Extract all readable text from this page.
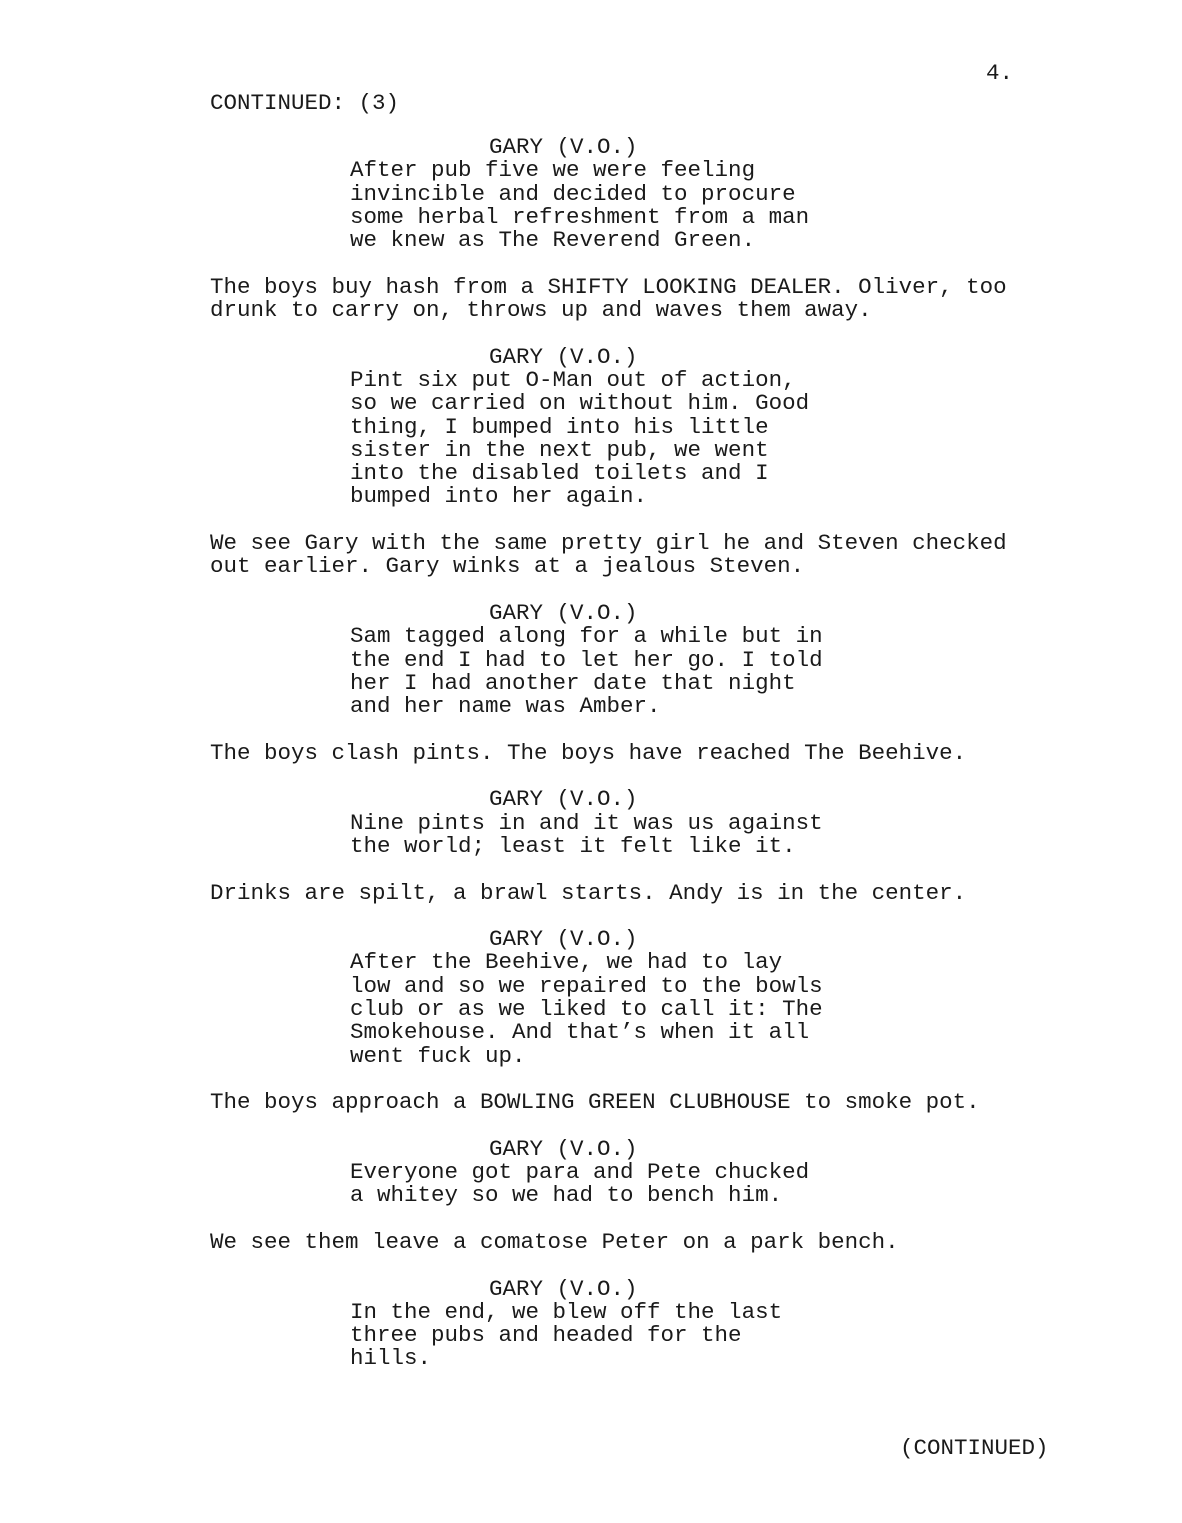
4.
CONTINUED: (3)
GARY (V.O.)
After pub five we were feeling
invincible and decided to procure
some herbal refreshment from a man
we knew as The Reverend Green.
The boys buy hash from a SHIFTY LOOKING DEALER. Oliver, too
drunk to carry on, throws up and waves them away.
GARY (V.O.)
Pint six put O-Man out of action,
so we carried on without him. Good
thing, I bumped into his little
sister in the next pub, we went
into the disabled toilets and I
bumped into her again.
We see Gary with the same pretty girl he and Steven checked
out earlier. Gary winks at a jealous Steven.
GARY (V.O.)
Sam tagged along for a while but in
the end I had to let her go. I told
her I had another date that night
and her name was Amber.
The boys clash pints. The boys have reached The Beehive.
GARY (V.O.)
Nine pints in and it was us against
the world; least it felt like it.
Drinks are spilt, a brawl starts. Andy is in the center.
GARY (V.O.)
After the Beehive, we had to lay
low and so we repaired to the bowls
club or as we liked to call it: The
Smokehouse. And that’s when it all
went fuck up.
The boys approach a BOWLING GREEN CLUBHOUSE to smoke pot.
GARY (V.O.)
Everyone got para and Pete chucked
a whitey so we had to bench him.
We see them leave a comatose Peter on a park bench.
GARY (V.O.)
In the end, we blew off the last
three pubs and headed for the
hills.
(CONTINUED)
